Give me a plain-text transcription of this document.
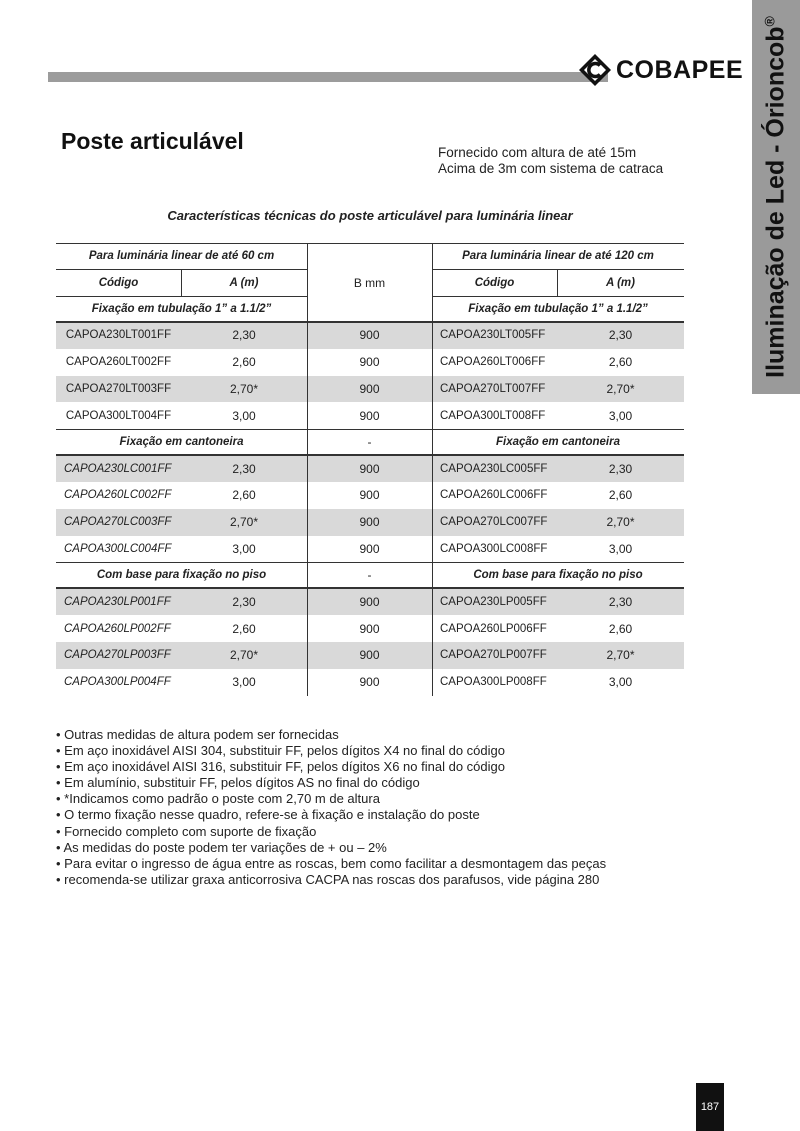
COBAPEE Iluminação de Led - Órioncob®
Poste articulável	Fornecido com altura de até 15m
Acima de 3m com sistema de catraca
Características técnicas do poste articulável para luminária linear
Para luminária linear de até 60 cm	Para luminária linear de até 120 cm
Código	A (m)	B mm	Código	A (m)
Fixação em tubulação 1” a 1.1/2”	Fixação em tubulação 1” a 1.1/2”
CAPOA230LT001FF	2,30	900	CAPOA230LT005FF	2,30
CAPOA260LT002FF	2,60	900	CAPOA260LT006FF	2,60
CAPOA270LT003FF	2,70*	900	CAPOA270LT007FF	2,70*
CAPOA300LT004FF	3,00	900	CAPOA300LT008FF	3,00
Fixação em cantoneira	-	Fixação em cantoneira
CAPOA230LC001FF	2,30	900	CAPOA230LC005FF	2,30
CAPOA260LC002FF	2,60	900	CAPOA260LC006FF	2,60
CAPOA270LC003FF	2,70*	900	CAPOA270LC007FF	2,70*
CAPOA300LC004FF	3,00	900	CAPOA300LC008FF	3,00
Com base para fixação no piso	-	Com base para fixação no piso
CAPOA230LP001FF	2,30	900	CAPOA230LP005FF	2,30
CAPOA260LP002FF	2,60	900	CAPOA260LP006FF	2,60
CAPOA270LP003FF	2,70*	900	CAPOA270LP007FF	2,70*
CAPOA300LP004FF	3,00	900	CAPOA300LP008FF	3,00
• Outras medidas de altura podem ser fornecidas
• Em aço inoxidável AISI 304, substituir FF, pelos dígitos X4 no final do código
• Em aço inoxidável AISI 316, substituir FF, pelos dígitos X6 no final do código
• Em alumínio, substituir FF, pelos dígitos AS no final do código
• *Indicamos como padrão o poste com 2,70 m de altura
• O termo fixação nesse quadro, refere-se à fixação e instalação do poste
• Fornecido completo com suporte de fixação
• As medidas do poste podem ter variações de + ou – 2%
• Para evitar o ingresso de água entre as roscas, bem como facilitar a desmontagem das peças
• recomenda-se utilizar graxa anticorrosiva CACPA nas roscas dos parafusos, vide página 280
187
